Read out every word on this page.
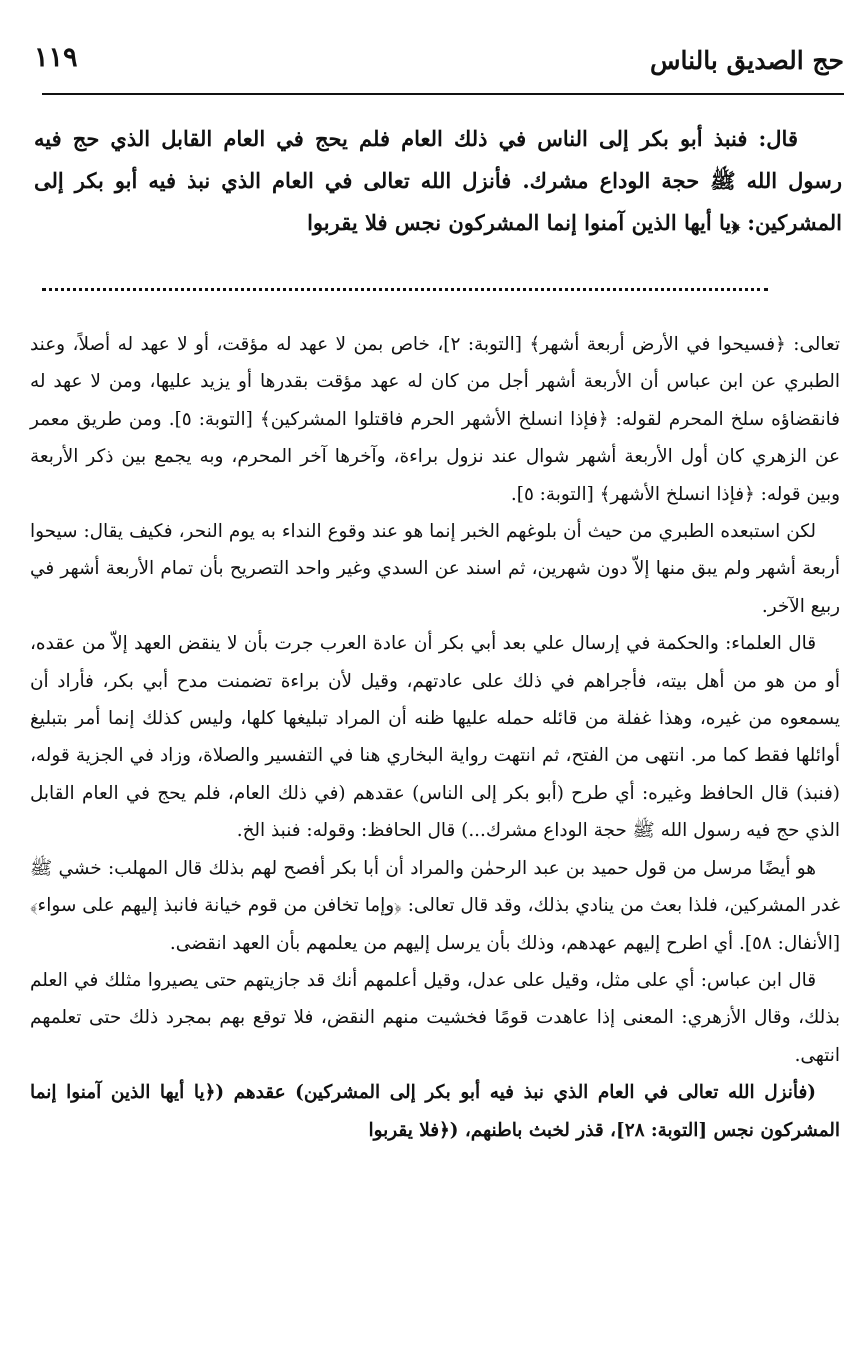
حج الصديق بالناس
١١٩

قال: فنبذ أبو بكر إلى الناس في ذلك العام فلم يحج في العام القابل الذي حج فيه رسول الله ﷺ حجة الوداع مشرك. فأنزل الله تعالى في العام الذي نبذ فيه أبو بكر إلى المشركين: ﴿يا أيها الذين آمنوا إنما المشركون نجس فلا يقربوا

تعالى: ﴿فسيحوا في الأرض أربعة أشهر﴾ [التوبة: ٢]، خاص بمن لا عهد له مؤقت، أو لا عهد له أصلاً، وعند الطبري عن ابن عباس أن الأربعة أشهر أجل من كان له عهد مؤقت بقدرها أو يزيد عليها، ومن لا عهد له فانقضاؤه سلخ المحرم لقوله: ﴿فإذا انسلخ الأشهر الحرم فاقتلوا المشركين﴾ [التوبة: ٥]. ومن طريق معمر عن الزهري كان أول الأربعة أشهر شوال عند نزول براءة، وآخرها آخر المحرم، وبه يجمع بين ذكر الأربعة وبين قوله: ﴿فإذا انسلخ الأشهر﴾ [التوبة: ٥].

لكن استبعده الطبري من حيث أن بلوغهم الخبر إنما هو عند وقوع النداء به يوم النحر، فكيف يقال: سيحوا أربعة أشهر ولم يبق منها إلاّ دون شهرين، ثم اسند عن السدي وغير واحد التصريح بأن تمام الأربعة أشهر في ربيع الآخر.

قال العلماء: والحكمة في إرسال علي بعد أبي بكر أن عادة العرب جرت بأن لا ينقض العهد إلاّ من عقده، أو من هو من أهل بيته، فأجراهم في ذلك على عادتهم، وقيل لأن براءة تضمنت مدح أبي بكر، فأراد أن يسمعوه من غيره، وهذا غفلة من قائله حمله عليها ظنه أن المراد تبليغها كلها، وليس كذلك إنما أمر بتبليغ أوائلها فقط كما مر. انتهى من الفتح، ثم انتهت رواية البخاري هنا في التفسير والصلاة، وزاد في الجزية قوله، (فنبذ) قال الحافظ وغيره: أي طرح (أبو بكر إلى الناس) عقدهم (في ذلك العام، فلم يحج في العام القابل الذي حج فيه رسول الله ﷺ حجة الوداع مشرك...) قال الحافظ: وقوله: فنبذ الخ.

هو أيضًا مرسل من قول حميد بن عبد الرحمٰن والمراد أن أبا بكر أفصح لهم بذلك قال المهلب: خشي ﷺ غدر المشركين، فلذا بعث من ينادي بذلك، وقد قال تعالى: ﴿وإما تخافن من قوم خيانة فانبذ إليهم على سواء﴾ [الأنفال: ٥٨]. أي اطرح إليهم عهدهم، وذلك بأن يرسل إليهم من يعلمهم بأن العهد انقضى.

قال ابن عباس: أي على مثل، وقيل على عدل، وقيل أعلمهم أنك قد جازيتهم حتى يصيروا مثلك في العلم بذلك، وقال الأزهري: المعنى إذا عاهدت قومًا فخشيت منهم النقض، فلا توقع بهم بمجرد ذلك حتى تعلمهم انتهى.

(فأنزل الله تعالى في العام الذي نبذ فيه أبو بكر إلى المشركين) عقدهم (﴿يا أيها الذين آمنوا إنما المشركون نجس [التوبة: ٢٨]، قذر لخبث باطنهم، (﴿فلا يقربوا
